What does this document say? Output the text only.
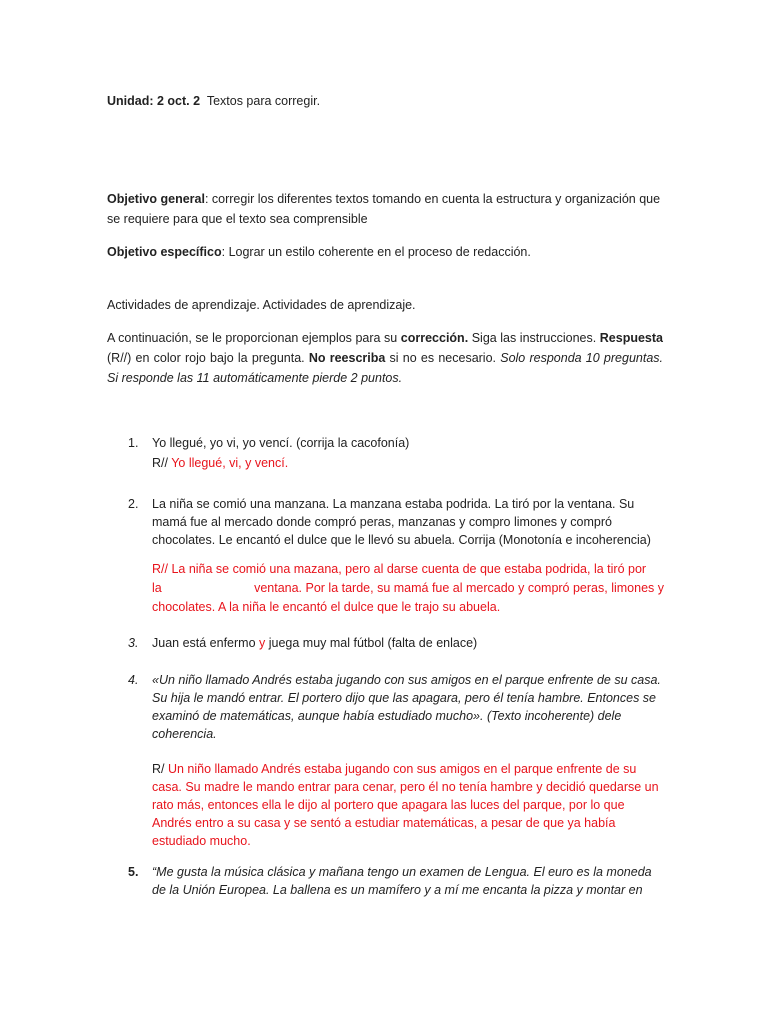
Unidad: 2 oct. 2 Textos para corregir.

Objetivo general: corregir los diferentes textos tomando en cuenta la estructura y organización que se requiere para que el texto sea comprensible

Objetivo específico: Lograr un estilo coherente en el proceso de redacción.

Actividades de aprendizaje. Actividades de aprendizaje.

A continuación, se le proporcionan ejemplos para su corrección. Siga las instrucciones. Respuesta (R//) en color rojo bajo la pregunta. No reescriba si no es necesario. Solo responda 10 preguntas. Si responde las 11 automáticamente pierde 2 puntos.

1. Yo llegué, yo vi, yo vencí. (corrija la cacofonía)

R// Yo llegué, vi, y vencí.

2. La niña se comió una manzana. La manzana estaba podrida. La tiró por la ventana. Su mamá fue al mercado donde compró peras, manzanas y compro limones y compró chocolates. Le encantó el dulce que le llevó su abuela. Corrija (Monotonía e incoherencia)

R// La niña se comió una mazana, pero al darse cuenta de que estaba podrida, la tiró por
la	ventana. Por la tarde, su mamá fue al mercado y compró peras, limones y
chocolates. A la niña le encantó el dulce que le trajo su abuela.
3. Juan está enfermo y juega muy mal fútbol (falta de enlace)

4. «Un niño llamado Andrés estaba jugando con sus amigos en el parque enfrente de su casa. Su hija le mandó entrar. El portero dijo que las apagara, pero él tenía hambre. Entonces se examinó de matemáticas, aunque había estudiado mucho». (Texto incoherente) dele coherencia.

R/ Un niño llamado Andrés estaba jugando con sus amigos en el parque enfrente de su casa. Su madre le mando entrar para cenar, pero él no tenía hambre y decidió quedarse un rato más, entonces ella le dijo al portero que apagara las luces del parque, por lo que Andrés entro a su casa y se sentó a estudiar matemáticas, a pesar de que ya había estudiado mucho.

5. “Me gusta la música clásica y mañana tengo un examen de Lengua. El euro es la moneda de la Unión Europea. La ballena es un mamífero y a mí me encanta la pizza y montar en
